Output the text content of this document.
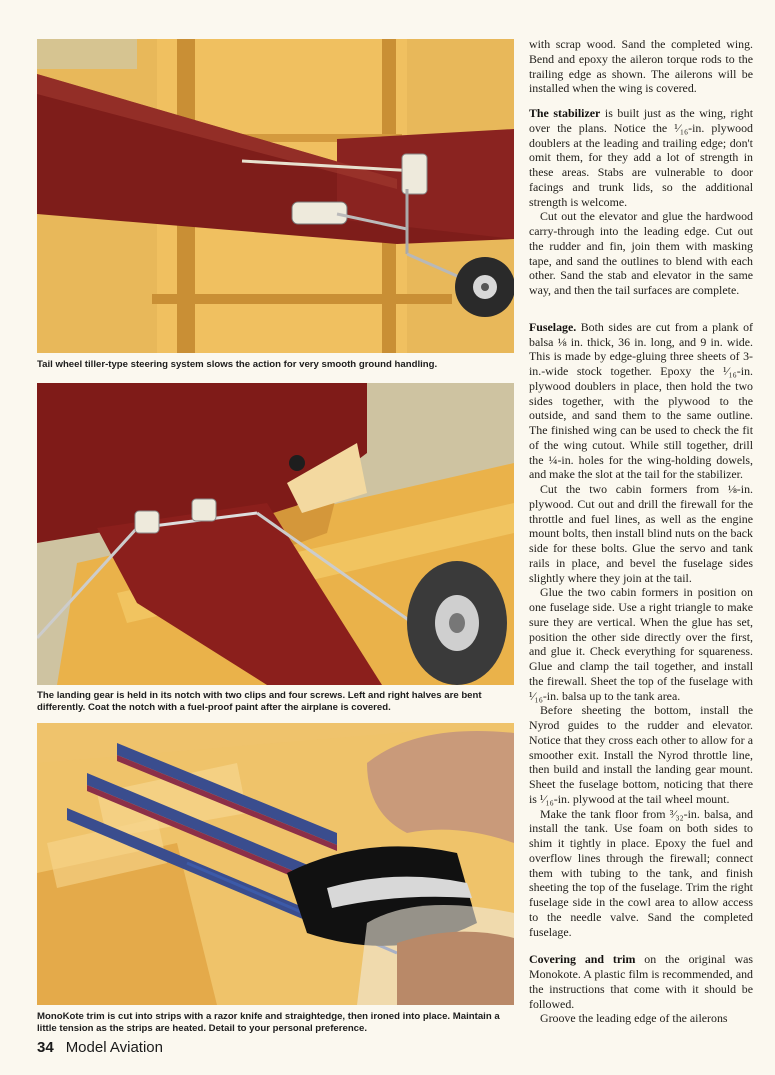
Tail wheel tiller-type steering system slows the action for very smooth ground handling.
The landing gear is held in its notch with two clips and four screws. Left and right halves are bent differently. Coat the notch with a fuel-proof paint after the airplane is covered.
MonoKote trim is cut into strips with a razor knife and straightedge, then ironed into place. Maintain a little tension as the strips are heated. Detail to your personal preference.

with scrap wood. Sand the completed wing. Bend and epoxy the aileron torque rods to the trailing edge as shown. The ailerons will be installed when the wing is covered.

The stabilizer is built just as the wing, right over the plans. Notice the ¹⁄₁₆-in. plywood doublers at the leading and trailing edge; don't omit them, for they add a lot of strength in these areas. Stabs are vulnerable to door facings and trunk lids, so the additional strength is welcome.

Cut out the elevator and glue the hardwood carry-through into the leading edge. Cut out the rudder and fin, join them with masking tape, and sand the outlines to blend with each other. Sand the stab and elevator in the same way, and then the tail surfaces are complete.

Fuselage. Both sides are cut from a plank of balsa ⅛ in. thick, 36 in. long, and 9 in. wide. This is made by edge-gluing three sheets of 3-in.-wide stock together. Epoxy the ¹⁄₁₆-in. plywood doublers in place, then hold the two sides together, with the plywood to the outside, and sand them to the same outline. The finished wing can be used to check the fit of the wing cutout. While still together, drill the ¼-in. holes for the wing-holding dowels, and make the slot at the tail for the stabilizer.

Cut the two cabin formers from ⅛-in. plywood. Cut out and drill the firewall for the throttle and fuel lines, as well as the engine mount bolts, then install blind nuts on the back side for these bolts. Glue the servo and tank rails in place, and bevel the fuselage sides slightly where they join at the tail.

Glue the two cabin formers in position on one fuselage side. Use a right triangle to make sure they are vertical. When the glue has set, position the other side directly over the first, and glue it. Check everything for squareness. Glue and clamp the tail together, and install the firewall. Sheet the top of the fuselage with ¹⁄₁₆-in. balsa up to the tank area.

Before sheeting the bottom, install the Nyrod guides to the rudder and elevator. Notice that they cross each other to allow for a smoother exit. Install the Nyrod throttle line, then build and install the landing gear mount. Sheet the fuselage bottom, noticing that there is ¹⁄₁₆-in. plywood at the tail wheel mount.

Make the tank floor from ³⁄₃₂-in. balsa, and install the tank. Use foam on both sides to shim it tightly in place. Epoxy the fuel and overflow lines through the firewall; connect them with tubing to the tank, and finish sheeting the top of the fuselage. Trim the right fuselage side in the cowl area to allow access to the needle valve. Sand the completed fuselage.

Covering and trim on the original was Monokote. A plastic film is recommended, and the instructions that come with it should be followed.

Groove the leading edge of the ailerons

34 Model Aviation
